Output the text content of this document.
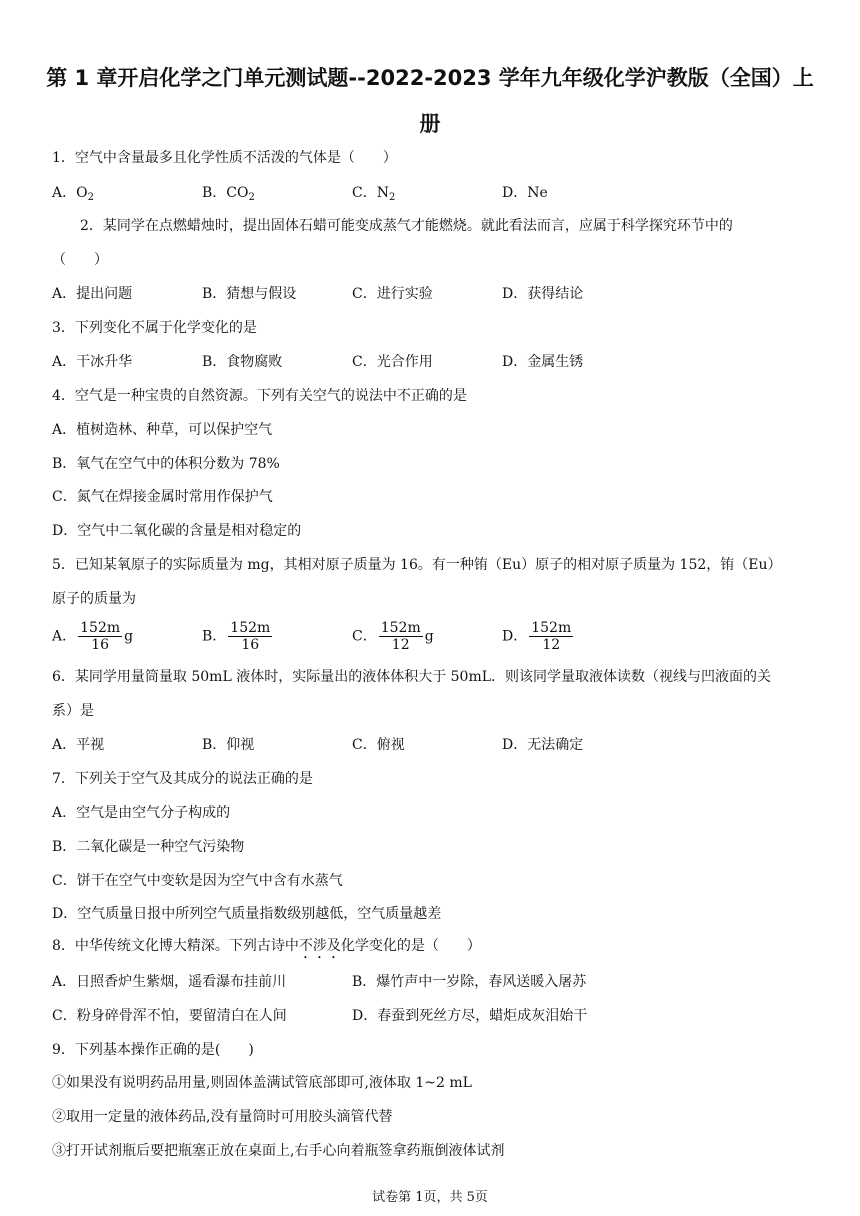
第 1 章开启化学之门单元测试题--2022-2023 学年九年级化学沪教版（全国）上
册
1．空气中含量最多且化学性质不活泼的气体是（　　）
A．$O_2$	B．$CO_2$	C．$N_2$	D．Ne
2．某同学在点燃蜡烛时，提出固体石蜡可能变成蒸气才能燃烧。就此看法而言，应属于科学探究环节中的
（　　）
A．提出问题	B．猜想与假设	C．进行实验	D．获得结论
3．下列变化不属于化学变化的是
A．干冰升华	B．食物腐败	C．光合作用	D．金属生锈
4．空气是一种宝贵的自然资源。下列有关空气的说法中不正确的是
A．植树造林、种草，可以保护空气
B．氧气在空气中的体积分数为 78%
C．氮气在焊接金属时常用作保护气
D．空气中二氧化碳的含量是相对稳定的
5．已知某氧原子的实际质量为 mg，其相对原子质量为 16。有一种铕（Eu）原子的相对原子质量为 152，铕（Eu）
原子的质量为
A． $\frac{152m}{16}$ g	B． $\frac{152m}{16}$	C． $\frac{152m}{12}$ g	D． $\frac{152m}{12}$
6．某同学用量筒量取 50mL 液体时，实际量出的液体体积大于 50mL．则该同学量取液体读数（视线与凹液面的关
系）是
A．平视	B．仰视	C．俯视	D．无法确定
7．下列关于空气及其成分的说法正确的是
A．空气是由空气分子构成的
B．二氧化碳是一种空气污染物
C．饼干在空气中变软是因为空气中含有水蒸气
D．空气质量日报中所列空气质量指数级别越低，空气质量越差
8．中华传统文化博大精深。下列古诗中不涉及化学变化的是（　　）
A．日照香炉生紫烟，遥看瀑布挂前川	B．爆竹声中一岁除，春风送暖入屠苏
C．粉身碎骨浑不怕，要留清白在人间	D．春蚕到死丝方尽，蜡炬成灰泪始干
9．下列基本操作正确的是(　　)
①如果没有说明药品用量,则固体盖满试管底部即可,液体取 1~2 mL
②取用一定量的液体药品,没有量筒时可用胶头滴管代替
③打开试剂瓶后要把瓶塞正放在桌面上,右手心向着瓶签拿药瓶倒液体试剂
试卷第 1页，共 5页
